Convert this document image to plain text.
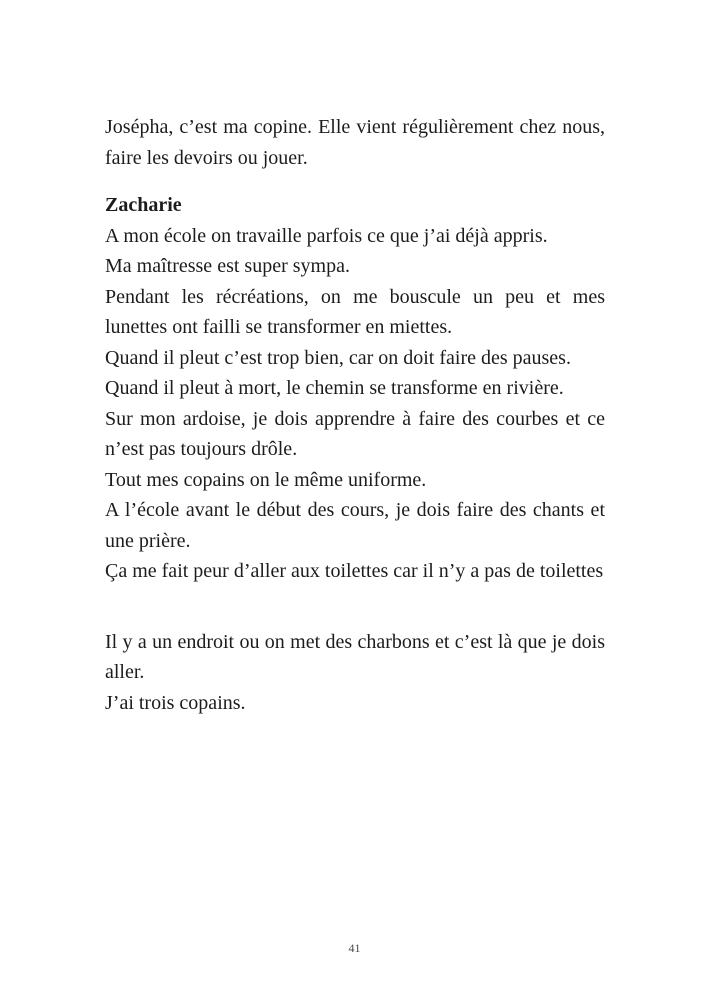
Josépha, c’est ma copine. Elle vient régulièrement chez nous, faire les devoirs ou jouer.

Zacharie

A mon école on travaille parfois ce que j’ai déjà appris.

Ma maîtresse est super sympa.

Pendant les récréations, on me bouscule un peu et mes lunettes ont failli se transformer en miettes.

Quand il pleut c’est trop bien, car on doit faire des pauses.

Quand il pleut à mort, le chemin se transforme en rivière.

Sur mon ardoise, je dois apprendre à faire des courbes et ce n’est pas toujours drôle.

Tout mes copains on le même uniforme.

A l’école avant le début des cours, je dois faire des chants et une prière.

Ça me fait peur d’aller aux toilettes car il n’y a pas de toilettes

Il y a un endroit ou on met des charbons et c’est là que je dois aller.

J’ai trois copains.

41
